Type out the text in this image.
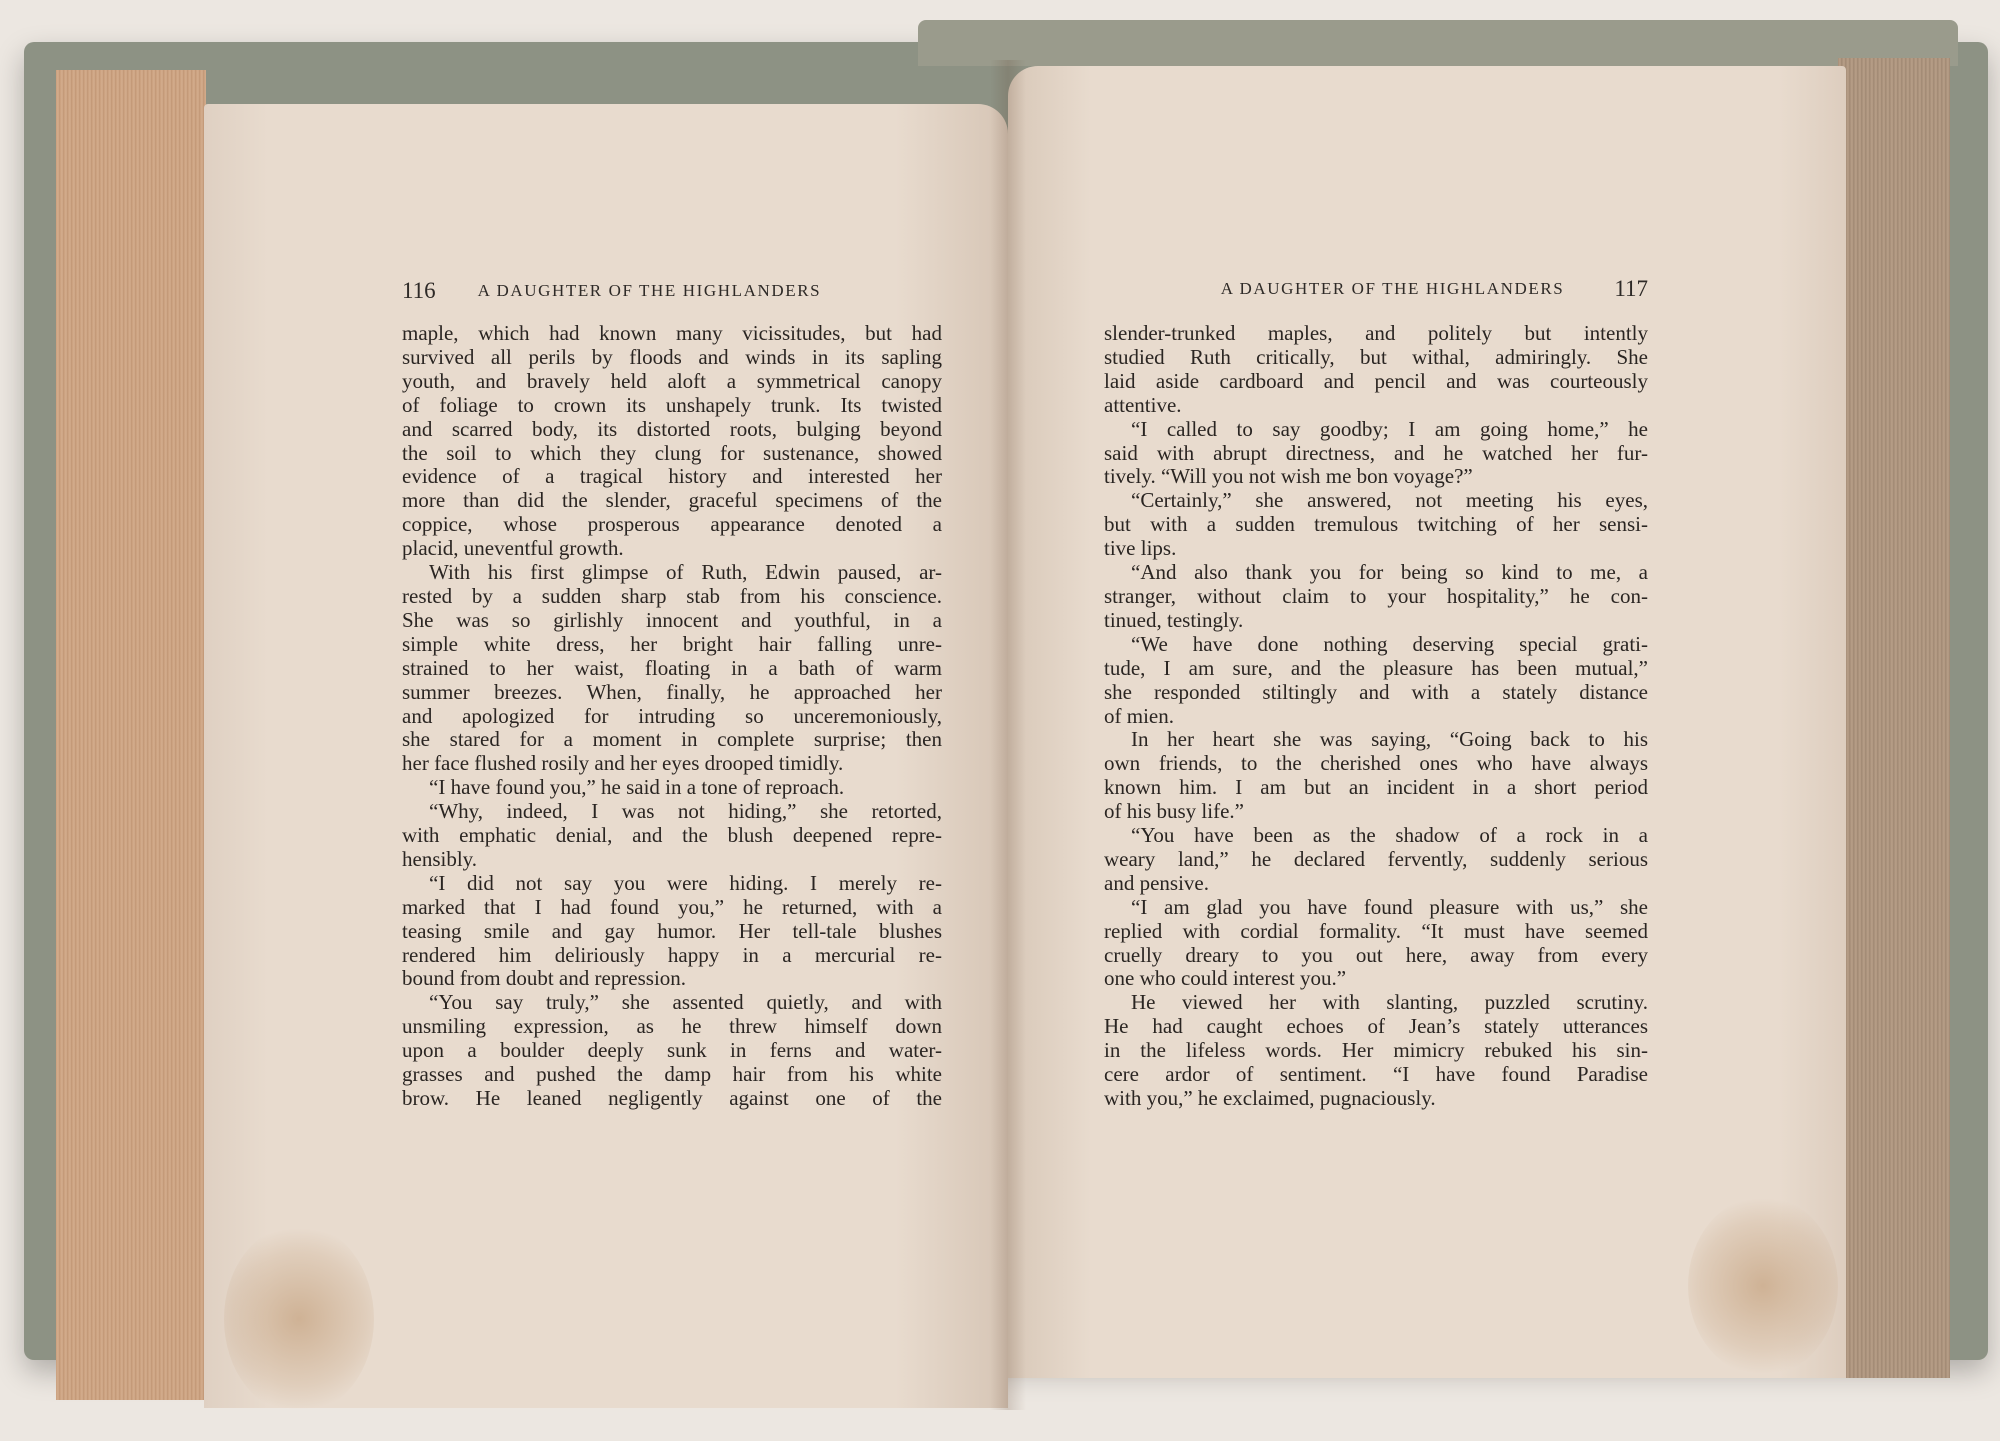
116 A DAUGHTER OF THE HIGHLANDERS	A DAUGHTER OF THE HIGHLANDERS 117
maple, which had known many vicissitudes, but had
survived all perils by floods and winds in its sapling
youth, and bravely held aloft a symmetrical canopy
of foliage to crown its unshapely trunk. Its twisted
and scarred body, its distorted roots, bulging beyond
the soil to which they clung for sustenance, showed
evidence of a tragical history and interested her
more than did the slender, graceful specimens of the
coppice, whose prosperous appearance denoted a
placid, uneventful growth.
With his first glimpse of Ruth, Edwin paused, ar-
rested by a sudden sharp stab from his conscience.
She was so girlishly innocent and youthful, in a
simple white dress, her bright hair falling unre-
strained to her waist, floating in a bath of warm
summer breezes. When, finally, he approached her
and apologized for intruding so unceremoniously,
she stared for a moment in complete surprise; then
her face flushed rosily and her eyes drooped timidly.
“I have found you,” he said in a tone of reproach.
“Why, indeed, I was not hiding,” she retorted,
with emphatic denial, and the blush deepened repre-
hensibly.
“I did not say you were hiding. I merely re-
marked that I had found you,” he returned, with a
teasing smile and gay humor. Her tell-tale blushes
rendered him deliriously happy in a mercurial re-
bound from doubt and repression.
“You say truly,” she assented quietly, and with
unsmiling expression, as he threw himself down
upon a boulder deeply sunk in ferns and water-
grasses and pushed the damp hair from his white
brow. He leaned negligently against one of the
slender-trunked maples, and politely but intently
studied Ruth critically, but withal, admiringly. She
laid aside cardboard and pencil and was courteously
attentive.
“I called to say goodby; I am going home,” he
said with abrupt directness, and he watched her fur-
tively. “Will you not wish me bon voyage?”
“Certainly,” she answered, not meeting his eyes,
but with a sudden tremulous twitching of her sensi-
tive lips.
“And also thank you for being so kind to me, a
stranger, without claim to your hospitality,” he con-
tinued, testingly.
“We have done nothing deserving special grati-
tude, I am sure, and the pleasure has been mutual,”
she responded stiltingly and with a stately distance
of mien.
In her heart she was saying, “Going back to his
own friends, to the cherished ones who have always
known him. I am but an incident in a short period
of his busy life.”
“You have been as the shadow of a rock in a
weary land,” he declared fervently, suddenly serious
and pensive.
“I am glad you have found pleasure with us,” she
replied with cordial formality. “It must have seemed
cruelly dreary to you out here, away from every
one who could interest you.”
He viewed her with slanting, puzzled scrutiny.
He had caught echoes of Jean’s stately utterances
in the lifeless words. Her mimicry rebuked his sin-
cere ardor of sentiment. “I have found Paradise
with you,” he exclaimed, pugnaciously.
